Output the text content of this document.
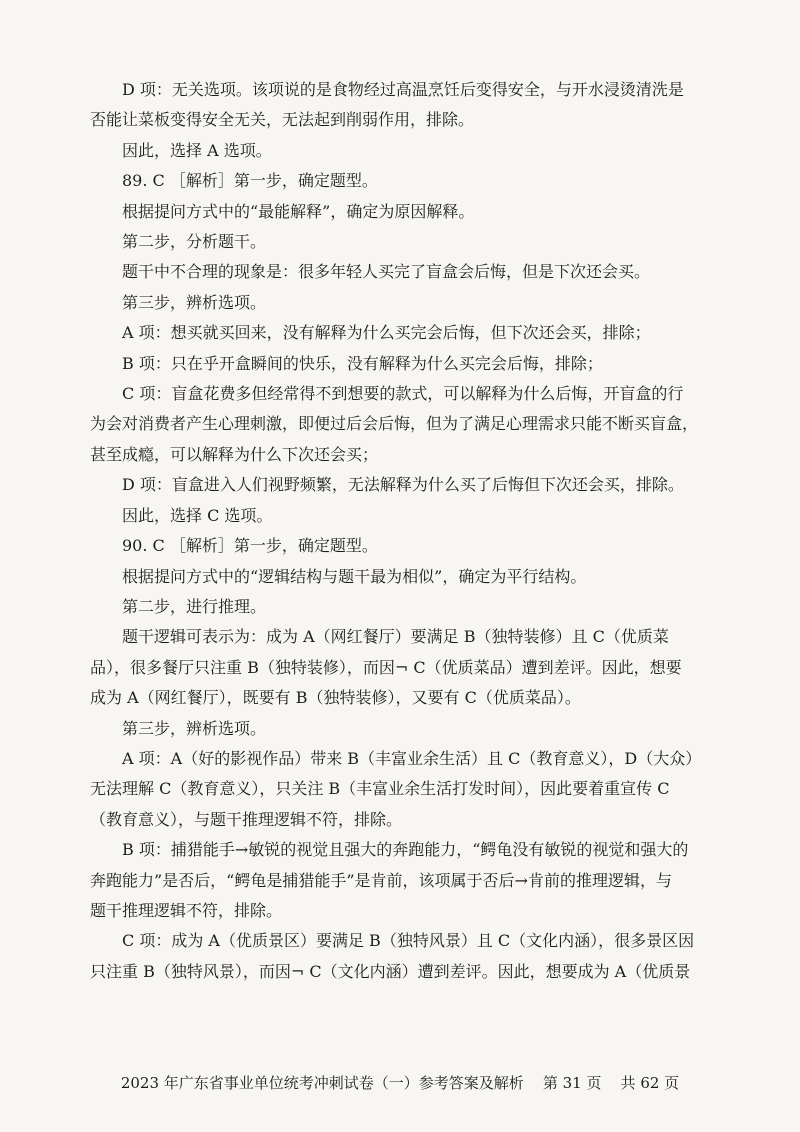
D 项：无关选项。该项说的是食物经过高温烹饪后变得安全，与开水浸烫清洗是

否能让菜板变得安全无关，无法起到削弱作用，排除。

因此，选择 A 选项。

89. C ［解析］第一步，确定题型。

根据提问方式中的“最能解释”，确定为原因解释。

第二步，分析题干。

题干中不合理的现象是：很多年轻人买完了盲盒会后悔，但是下次还会买。

第三步，辨析选项。

A 项：想买就买回来，没有解释为什么买完会后悔，但下次还会买，排除；

B 项：只在乎开盒瞬间的快乐，没有解释为什么买完会后悔，排除；

C 项：盲盒花费多但经常得不到想要的款式，可以解释为什么后悔，开盲盒的行

为会对消费者产生心理刺激，即便过后会后悔，但为了满足心理需求只能不断买盲盒，

甚至成瘾，可以解释为什么下次还会买；

D 项：盲盒进入人们视野频繁，无法解释为什么买了后悔但下次还会买，排除。

因此，选择 C 选项。

90. C ［解析］第一步，确定题型。

根据提问方式中的“逻辑结构与题干最为相似”，确定为平行结构。

第二步，进行推理。

题干逻辑可表示为：成为 A（网红餐厅）要满足 B（独特装修）且 C（优质菜

品），很多餐厅只注重 B（独特装修），而因¬ C（优质菜品）遭到差评。因此，想要

成为 A（网红餐厅），既要有 B（独特装修），又要有 C（优质菜品）。

第三步，辨析选项。

A 项：A（好的影视作品）带来 B（丰富业余生活）且 C（教育意义），D（大众）

无法理解 C（教育意义），只关注 B（丰富业余生活打发时间），因此要着重宣传 C

（教育意义），与题干推理逻辑不符，排除。

B 项：捕猎能手→敏锐的视觉且强大的奔跑能力，“鳄龟没有敏锐的视觉和强大的

奔跑能力”是否后，“鳄龟是捕猎能手”是肯前，该项属于否后→肯前的推理逻辑，与

题干推理逻辑不符，排除。

C 项：成为 A（优质景区）要满足 B（独特风景）且 C（文化内涵），很多景区因

只注重 B（独特风景），而因¬ C（文化内涵）遭到差评。因此，想要成为 A（优质景

2023 年广东省事业单位统考冲刺试卷（一）参考答案及解析 第 31 页 共 62 页
